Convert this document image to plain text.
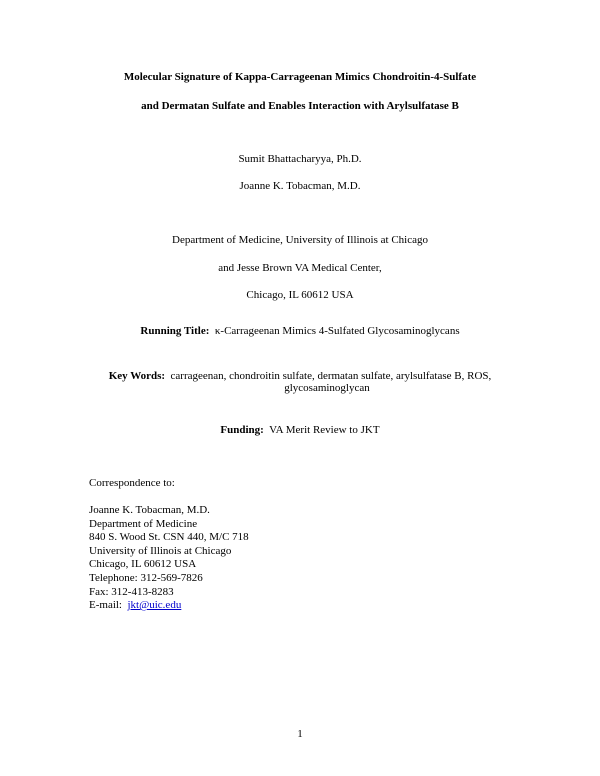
Molecular Signature of Kappa-Carrageenan Mimics Chondroitin-4-Sulfate
and Dermatan Sulfate and Enables Interaction with Arylsulfatase B
Sumit Bhattacharyya, Ph.D.
Joanne K. Tobacman, M.D.
Department of Medicine, University of Illinois at Chicago
and Jesse Brown VA Medical Center,
Chicago, IL 60612 USA
Running Title: κ-Carrageenan Mimics 4-Sulfated Glycosaminoglycans
Key Words: carrageenan, chondroitin sulfate, dermatan sulfate, arylsulfatase B, ROS,
glycosaminoglycan
Funding: VA Merit Review to JKT
Correspondence to:
Joanne K. Tobacman, M.D.
Department of Medicine
840 S. Wood St. CSN 440, M/C 718
University of Illinois at Chicago
Chicago, IL 60612 USA
Telephone: 312-569-7826
Fax: 312-413-8283
E-mail: jkt@uic.edu
1
